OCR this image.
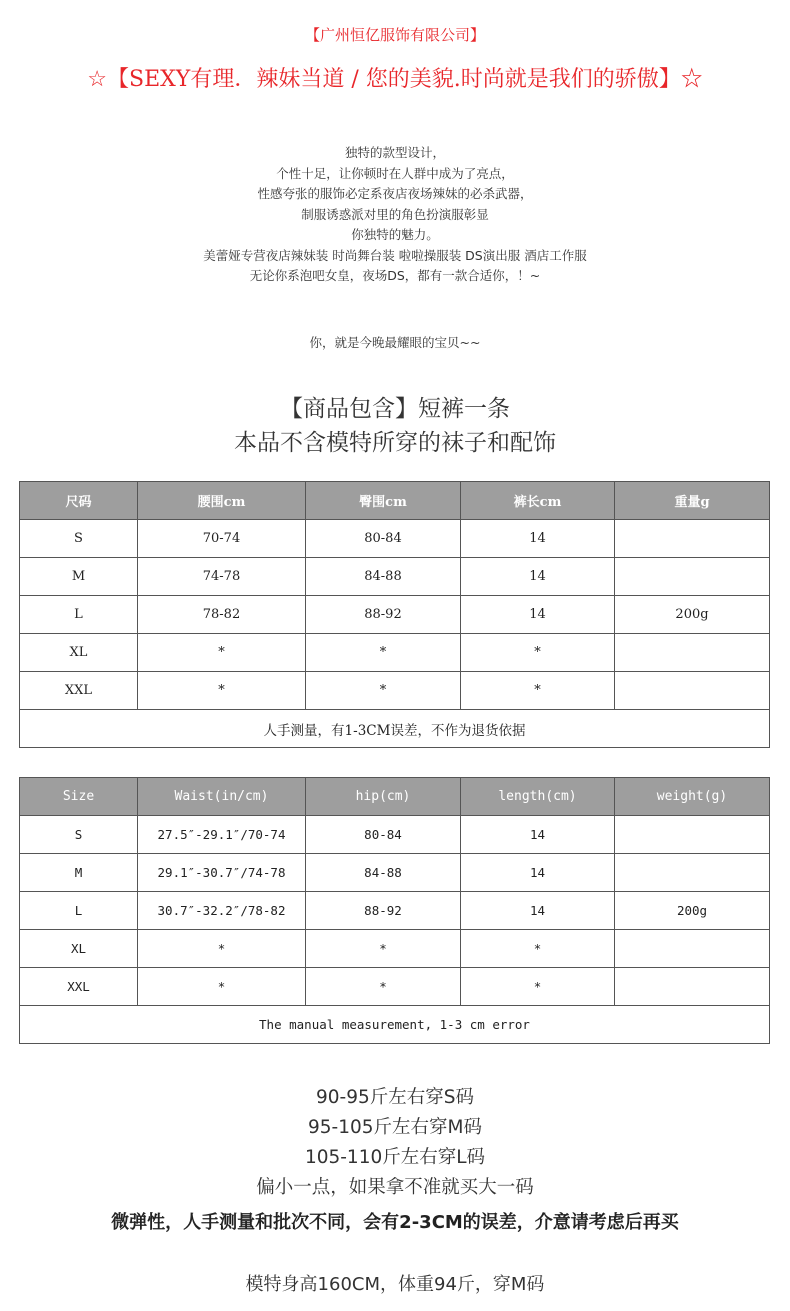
【广州恒亿服饰有限公司】
☆【SEXY有理．辣妹当道 / 您的美貌.时尚就是我们的骄傲】☆
独特的款型设计，
个性十足，让你顿时在人群中成为了亮点，
性感夸张的服饰必定系夜店夜场辣妹的必杀武器，
制服诱惑派对里的角色扮演服彰显
你独特的魅力。
美蕾娅专营夜店辣妹装 时尚舞台装 啦啦操服装 DS演出服 酒店工作服
无论你系泡吧女皇，夜场DS，都有一款合适你，！~
你，就是今晚最耀眼的宝贝~~
【商品包含】短裤一条
本品不含模特所穿的袜子和配饰
尺码	腰围cm	臀围cm	裤长cm	重量g
S	70-74	80-84	14	
M	74-78	84-88	14	
L	78-82	88-92	14	200g
XL	*	*	*	
XXL	*	*	*	
人手测量，有1-3CM误差，不作为退货依据				
Size	Waist(in/cm)	hip(cm)	length(cm)	weight(g)
S	27.5″-29.1″/70-74	80-84	14	
M	29.1″-30.7″/74-78	84-88	14	
L	30.7″-32.2″/78-82	88-92	14	200g
XL	*	*	*	
XXL	*	*	*	
The manual measurement, 1-3 cm error				
90-95斤左右穿S码
95-105斤左右穿M码
105-110斤左右穿L码
偏小一点，如果拿不准就买大一码
微弹性，人手测量和批次不同，会有2-3CM的误差，介意请考虑后再买
模特身高160CM，体重94斤，穿M码
